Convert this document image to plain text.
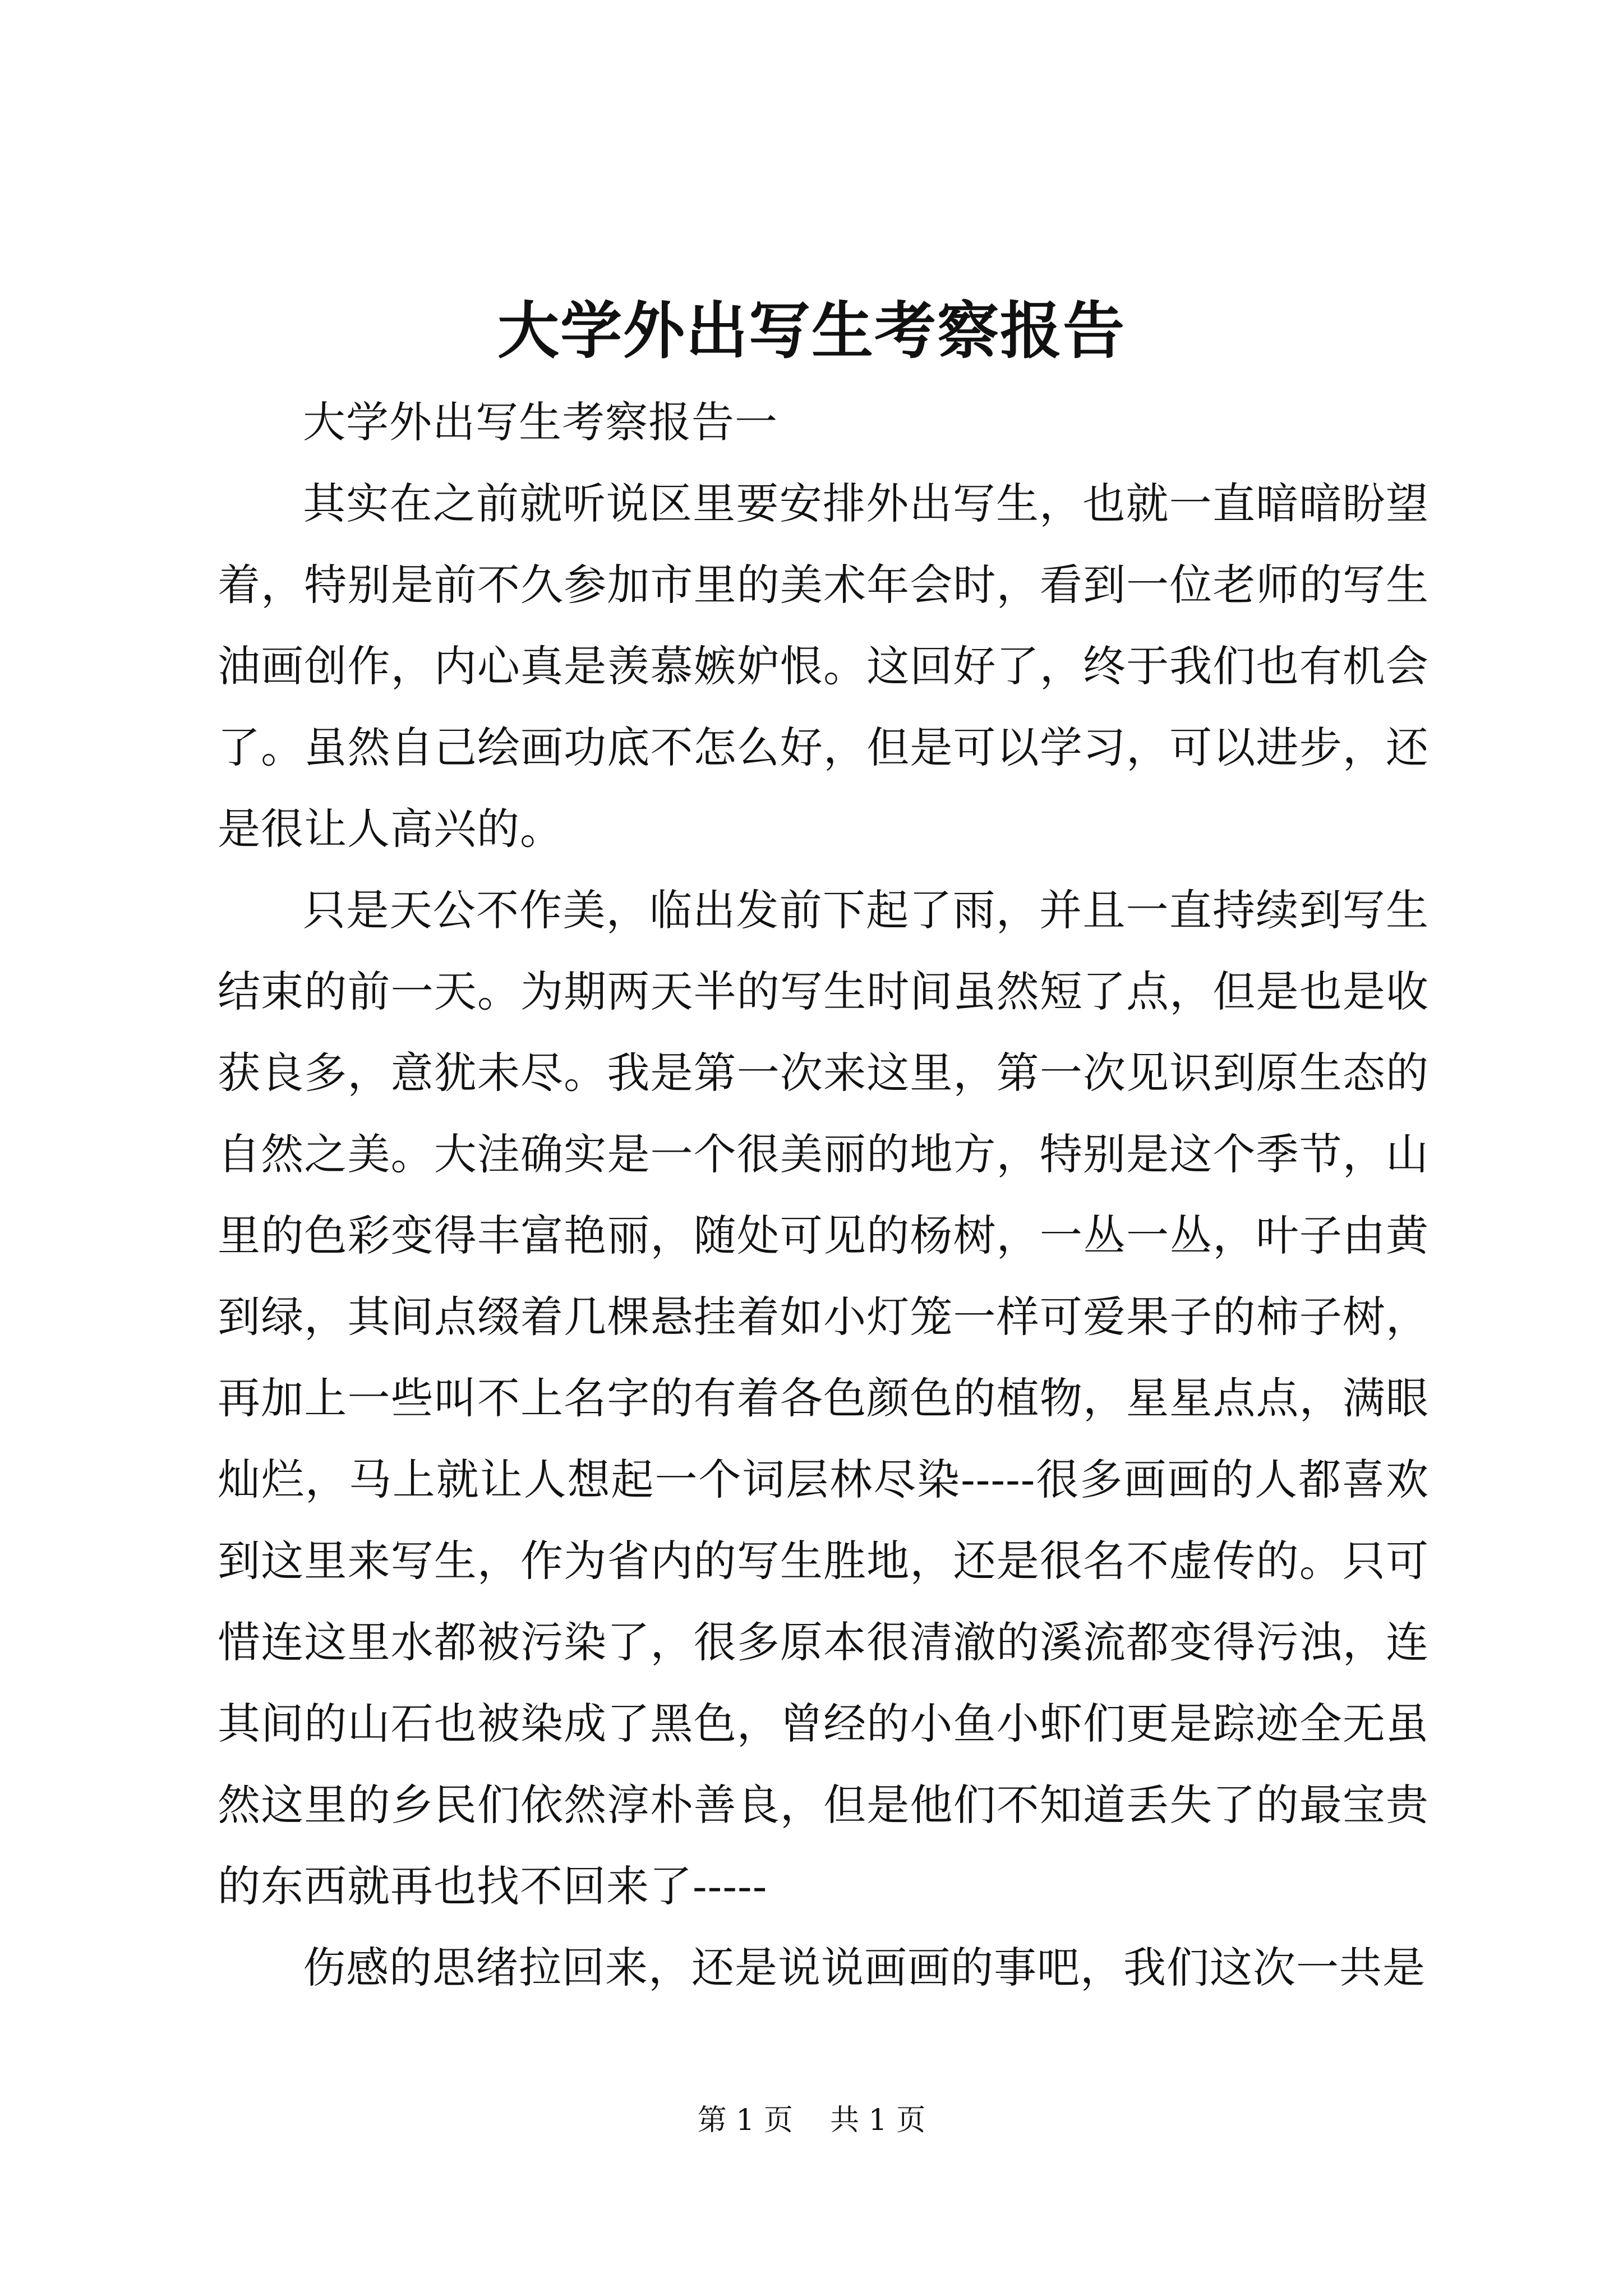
大学外出写生考察报告

大学外出写生考察报告一

其实在之前就听说区里要安排外出写生，也就一直暗暗盼望着，特别是前不久参加市里的美术年会时，看到一位老师的写生油画创作，内心真是羡慕嫉妒恨。这回好了，终于我们也有机会了。虽然自己绘画功底不怎么好，但是可以学习，可以进步，还是很让人高兴的。

只是天公不作美，临出发前下起了雨，并且一直持续到写生结束的前一天。为期两天半的写生时间虽然短了点，但是也是收获良多，意犹未尽。我是第一次来这里，第一次见识到原生态的自然之美。大洼确实是一个很美丽的地方，特别是这个季节，山里的色彩变得丰富艳丽，随处可见的杨树，一丛一丛，叶子由黄到绿，其间点缀着几棵悬挂着如小灯笼一样可爱果子的柿子树，再加上一些叫不上名字的有着各色颜色的植物，星星点点，满眼灿烂，马上就让人想起一个词层林尽染-----很多画画的人都喜欢到这里来写生，作为省内的写生胜地，还是很名不虚传的。只可惜连这里水都被污染了，很多原本很清澈的溪流都变得污浊，连其间的山石也被染成了黑色，曾经的小鱼小虾们更是踪迹全无虽然这里的乡民们依然淳朴善良，但是他们不知道丢失了的最宝贵的东西就再也找不回来了-----

伤感的思绪拉回来，还是说说画画的事吧，我们这次一共是

第 1 页 共 1 页
